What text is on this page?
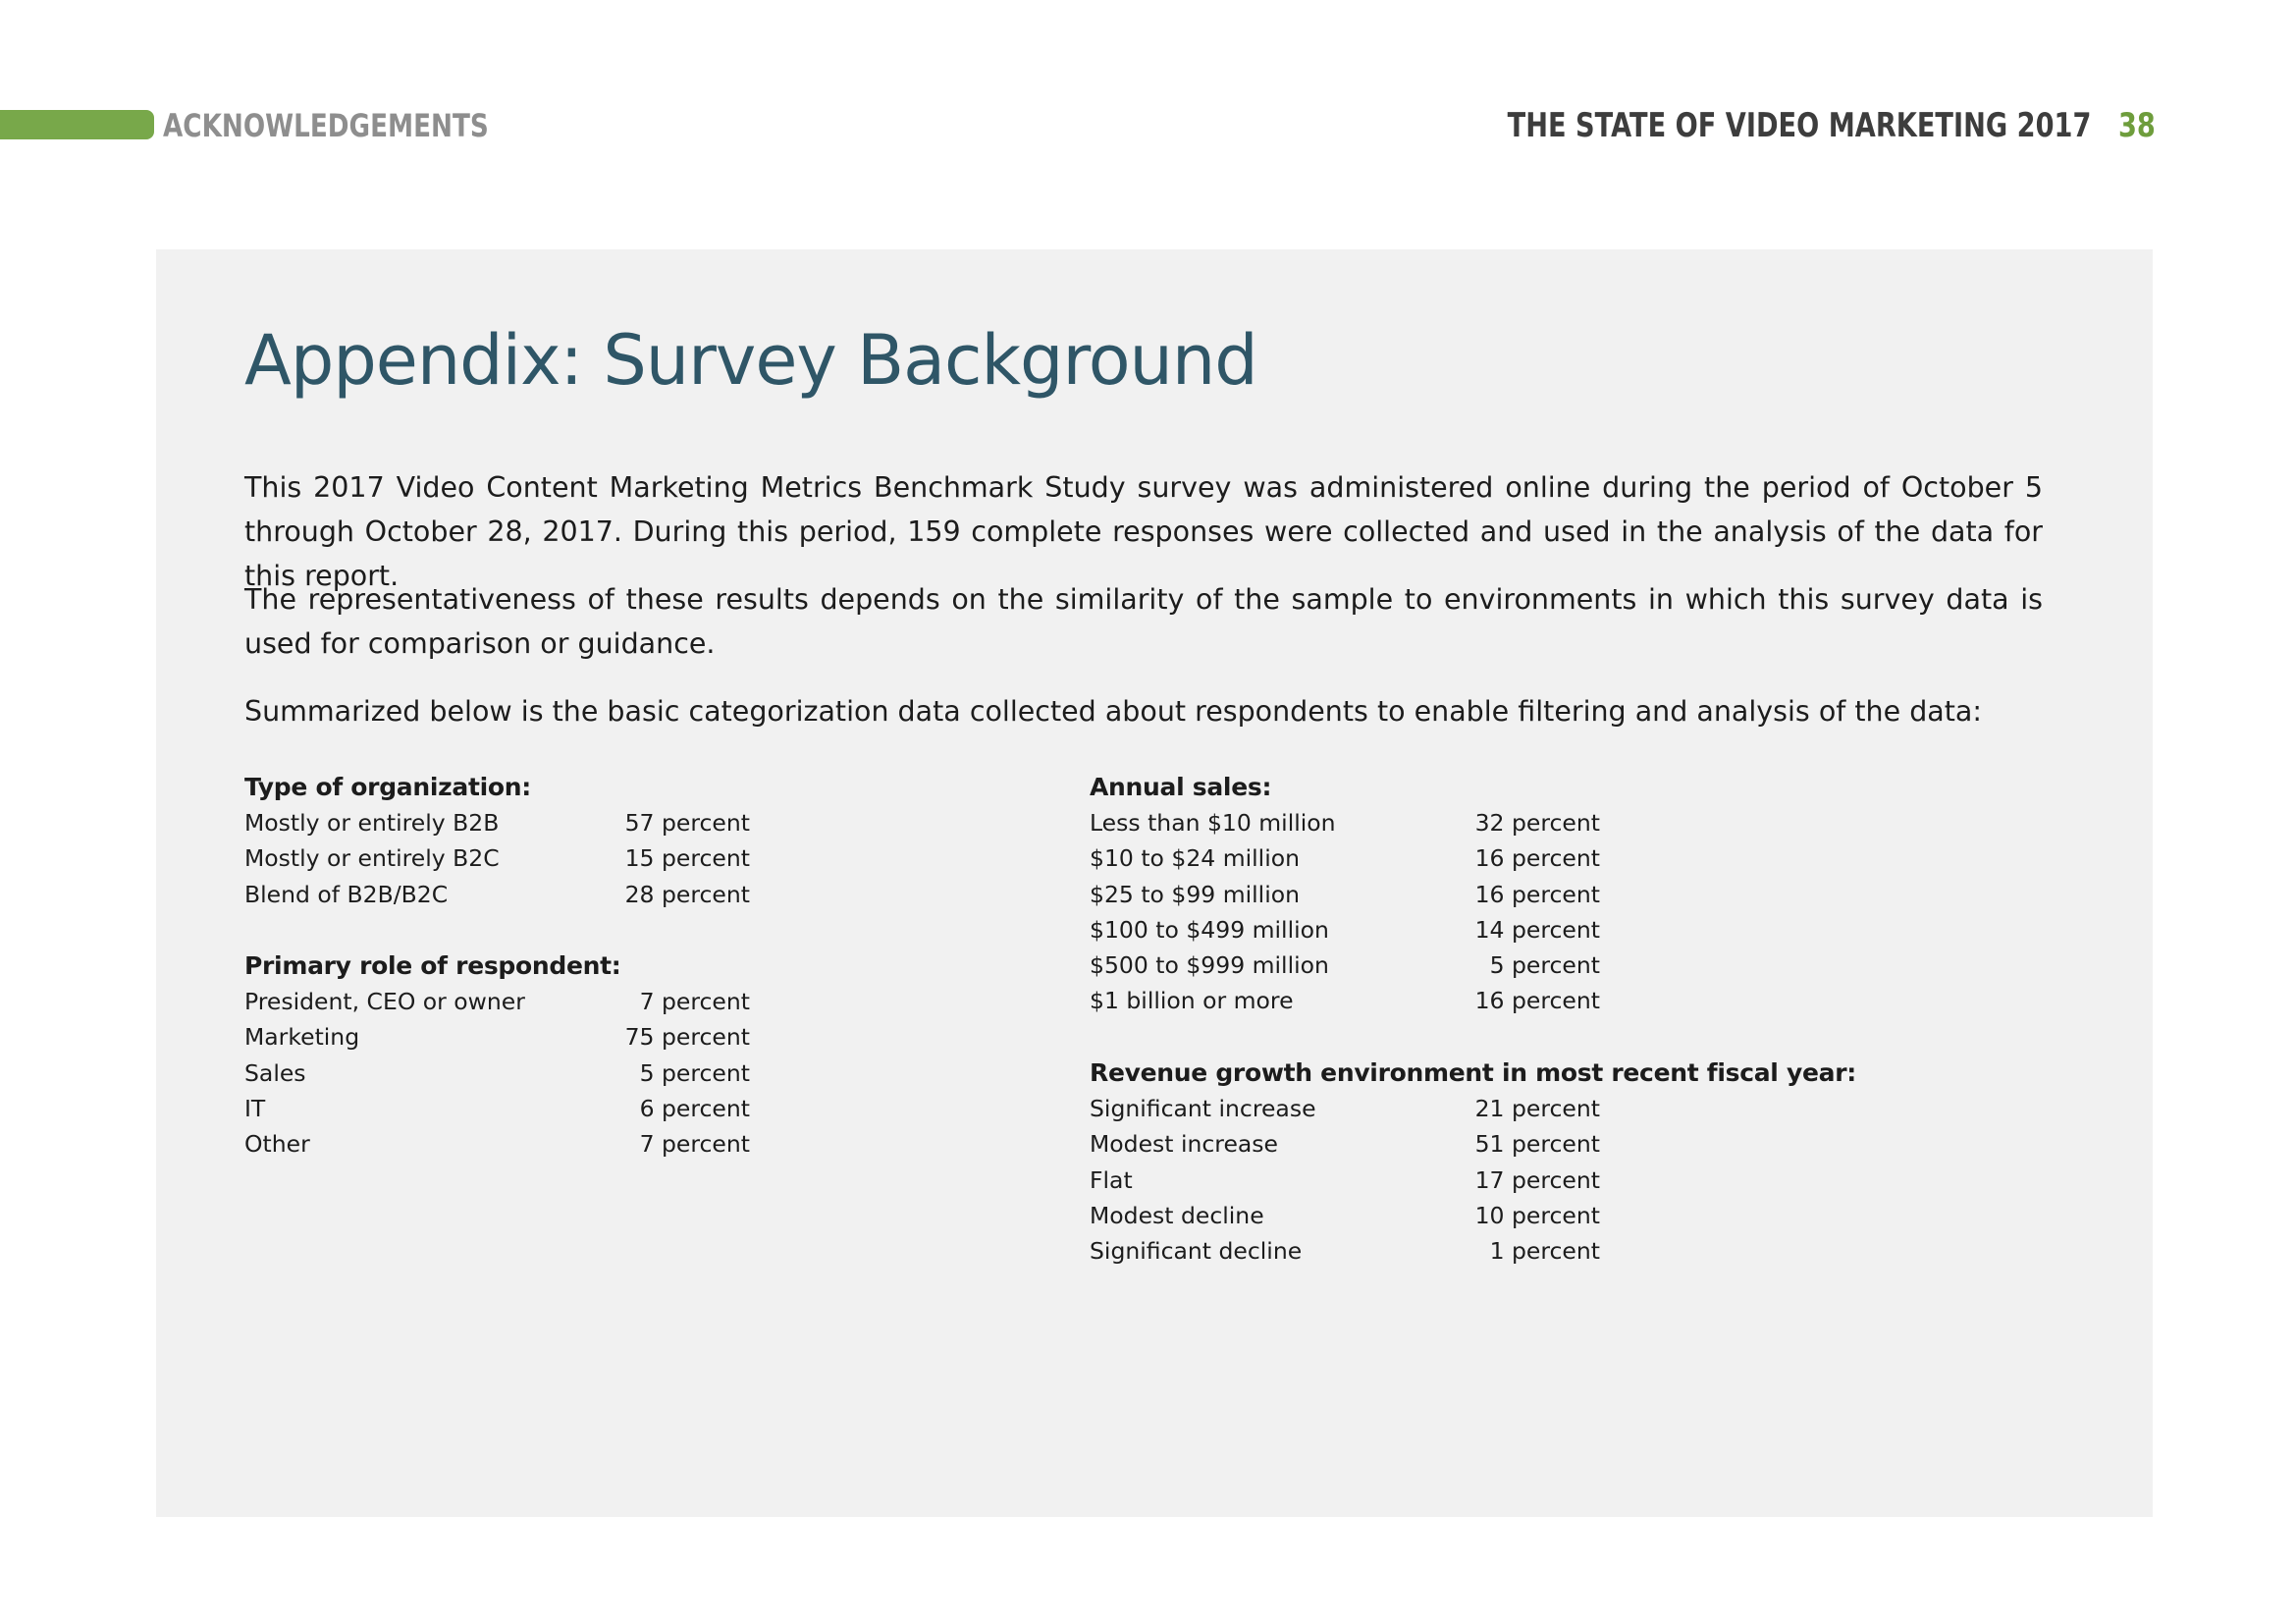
ACKNOWLEDGEMENTS	THE STATE OF VIDEO MARKETING 2017 38
Appendix: Survey Background

This 2017 Video Content Marketing Metrics Benchmark Study survey was administered online during the period of October 5 through October 28, 2017. During this period, 159 complete responses were collected and used in the analysis of the data for this report.

The representativeness of these results depends on the similarity of the sample to environments in which this survey data is used for comparison or guidance.

Summarized below is the basic categorization data collected about respondents to enable filtering and analysis of the data:

Type of organization:
Mostly or entirely B2B	57 percent
Mostly or entirely B2C	15 percent
Blend of B2B/B2C	28 percent
Primary role of respondent:
President, CEO or owner	7 percent
Marketing	75 percent
Sales	5 percent
IT	6 percent
Other	7 percent
Annual sales:
Less than $10 million	32 percent
$10 to $24 million	16 percent
$25 to $99 million	16 percent
$100 to $499 million	14 percent
$500 to $999 million	5 percent
$1 billion or more	16 percent
Revenue growth environment in most recent fiscal year:
Significant increase	21 percent
Modest increase	51 percent
Flat	17 percent
Modest decline	10 percent
Significant decline	1 percent
